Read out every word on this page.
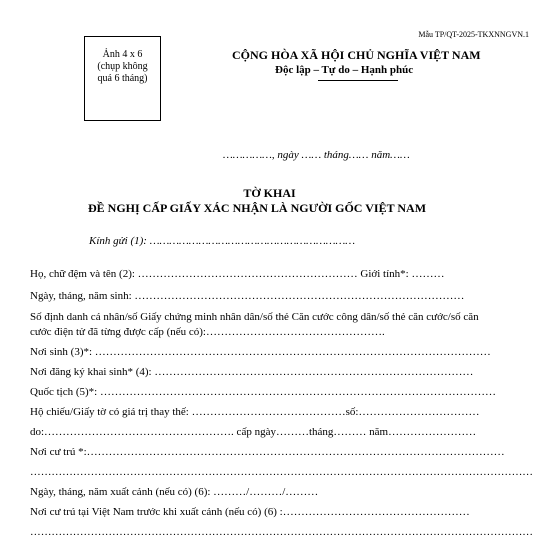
Mẫu TP/QT-2025-TKXNNGVN.1
Ảnh 4 x 6
(chụp không
quá 6 tháng)
CỘNG HÒA XÃ HỘI CHỦ NGHĨA VIỆT NAM
Độc lập – Tự do – Hạnh phúc
……………, ngày …… tháng…… năm……
TỜ KHAI
ĐỀ NGHỊ CẤP GIẤY XÁC NHẬN LÀ NGƯỜI GỐC VIỆT NAM
Kính gửi (1): ………………………………………………………
Họ, chữ đệm và tên (2): …………………………………………………… Giới tính*: ………
Ngày, tháng, năm sinh: ………………………………………………………………………………
Số định danh cá nhân/số Giấy chứng minh nhân dân/số thẻ Căn cước công dân/số thẻ căn cước/số căn
cước điện tử đã từng được cấp (nếu có):………………………………………….
Nơi sinh (3)*: ………………………………………………………………………………………………
Nơi đăng ký khai sinh* (4): ……………………………………………………………………………
Quốc tịch (5)*: ………………………………………………………………………………………………
Hộ chiếu/Giấy tờ có giá trị thay thế: ……………………………………số:……………………………
do:……………………………………………. cấp ngày………tháng……… năm……………………
Nơi cư trú *:……………………………………………………………………………………………………
……………………………………………………………………………………………………………………………
Ngày, tháng, năm xuất cảnh (nếu có) (6): ………/………/………
Nơi cư trú tại Việt Nam trước khi xuất cảnh (nếu có) (6) :……………………………………………
……………………………………………………………………………………………………………………………
